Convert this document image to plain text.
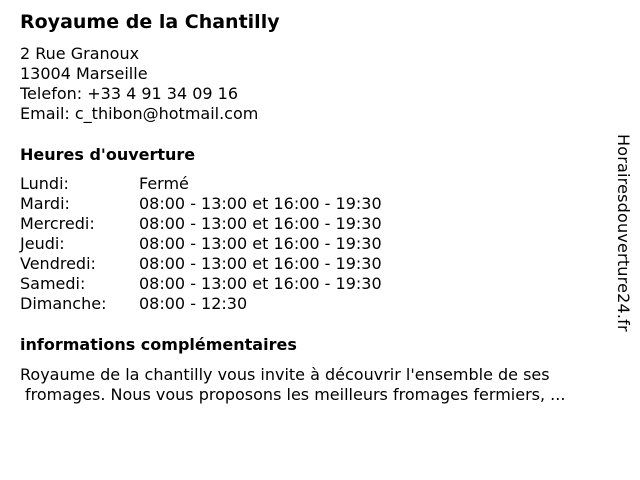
Royaume de la Chantilly
2 Rue Granoux
13004 Marseille
Telefon: +33 4 91 34 09 16
Email: c_thibon@hotmail.com
Heures d'ouverture
Lundi:	Fermé
Mardi:	08:00 - 13:00 et 16:00 - 19:30
Mercredi:	08:00 - 13:00 et 16:00 - 19:30
Jeudi:	08:00 - 13:00 et 16:00 - 19:30
Vendredi:	08:00 - 13:00 et 16:00 - 19:30
Samedi:	08:00 - 13:00 et 16:00 - 19:30
Dimanche:	08:00 - 12:30
informations complémentaires
Royaume de la chantilly vous invite à découvrir l'ensemble de ses
fromages. Nous vous proposons les meilleurs fromages fermiers, ...
Horairesdouverture24.fr
